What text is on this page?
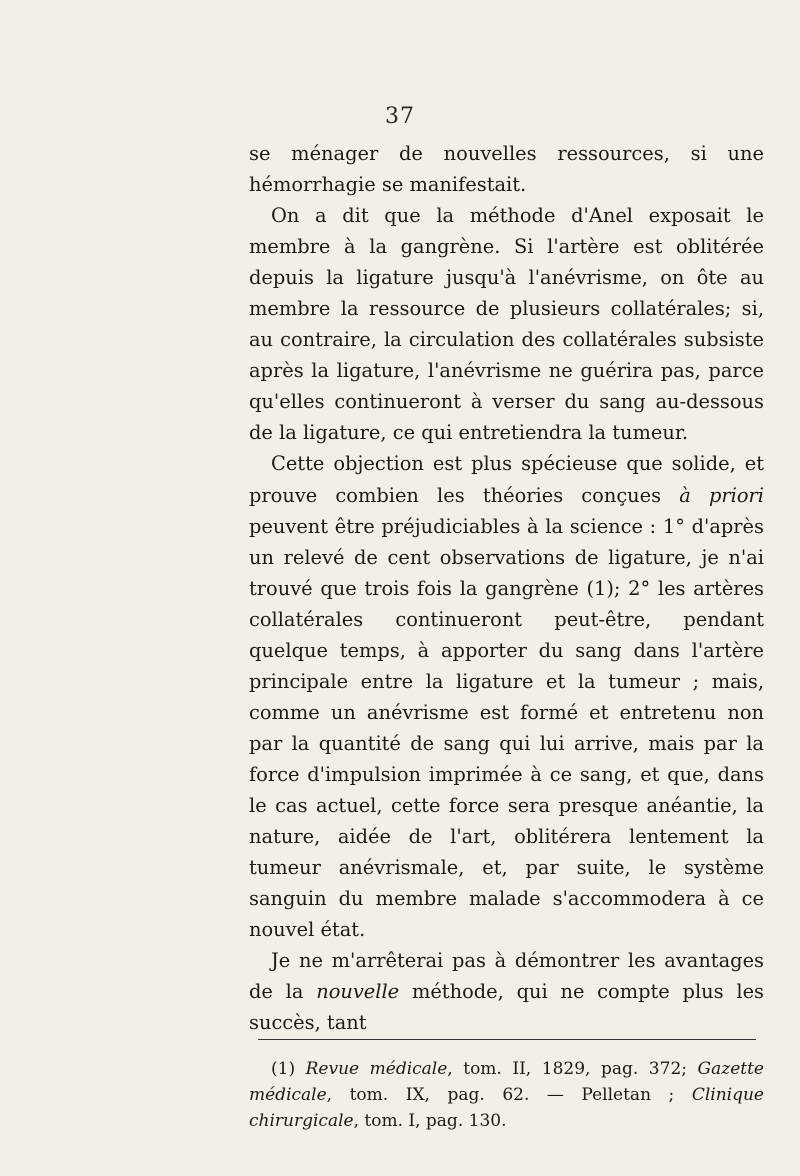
37

se ménager de nouvelles ressources, si une hémorrhagie se manifestait.

On a dit que la méthode d'Anel exposait le membre à la gangrène. Si l'artère est oblitérée depuis la ligature jusqu'à l'anévrisme, on ôte au membre la ressource de plusieurs collatérales; si, au contraire, la circulation des collatérales subsiste après la ligature, l'anévrisme ne guérira pas, parce qu'elles continueront à verser du sang au-dessous de la ligature, ce qui entretiendra la tumeur.

Cette objection est plus spécieuse que solide, et prouve combien les théories conçues à priori peuvent être préjudiciables à la science : 1° d'après un relevé de cent observations de ligature, je n'ai trouvé que trois fois la gangrène (1); 2° les artères collatérales continueront peut-être, pendant quelque temps, à apporter du sang dans l'artère principale entre la ligature et la tumeur ; mais, comme un anévrisme est formé et entretenu non par la quantité de sang qui lui arrive, mais par la force d'impulsion imprimée à ce sang, et que, dans le cas actuel, cette force sera presque anéantie, la nature, aidée de l'art, oblitérera lentement la tumeur anévrismale, et, par suite, le système sanguin du membre malade s'accommodera à ce nouvel état.

Je ne m'arrêterai pas à démontrer les avantages de la nouvelle méthode, qui ne compte plus les succès, tant

(1) Revue médicale, tom. II, 1829, pag. 372; Gazette médicale, tom. IX, pag. 62. — Pelletan ; Clinique chirurgicale, tom. I, pag. 130.
